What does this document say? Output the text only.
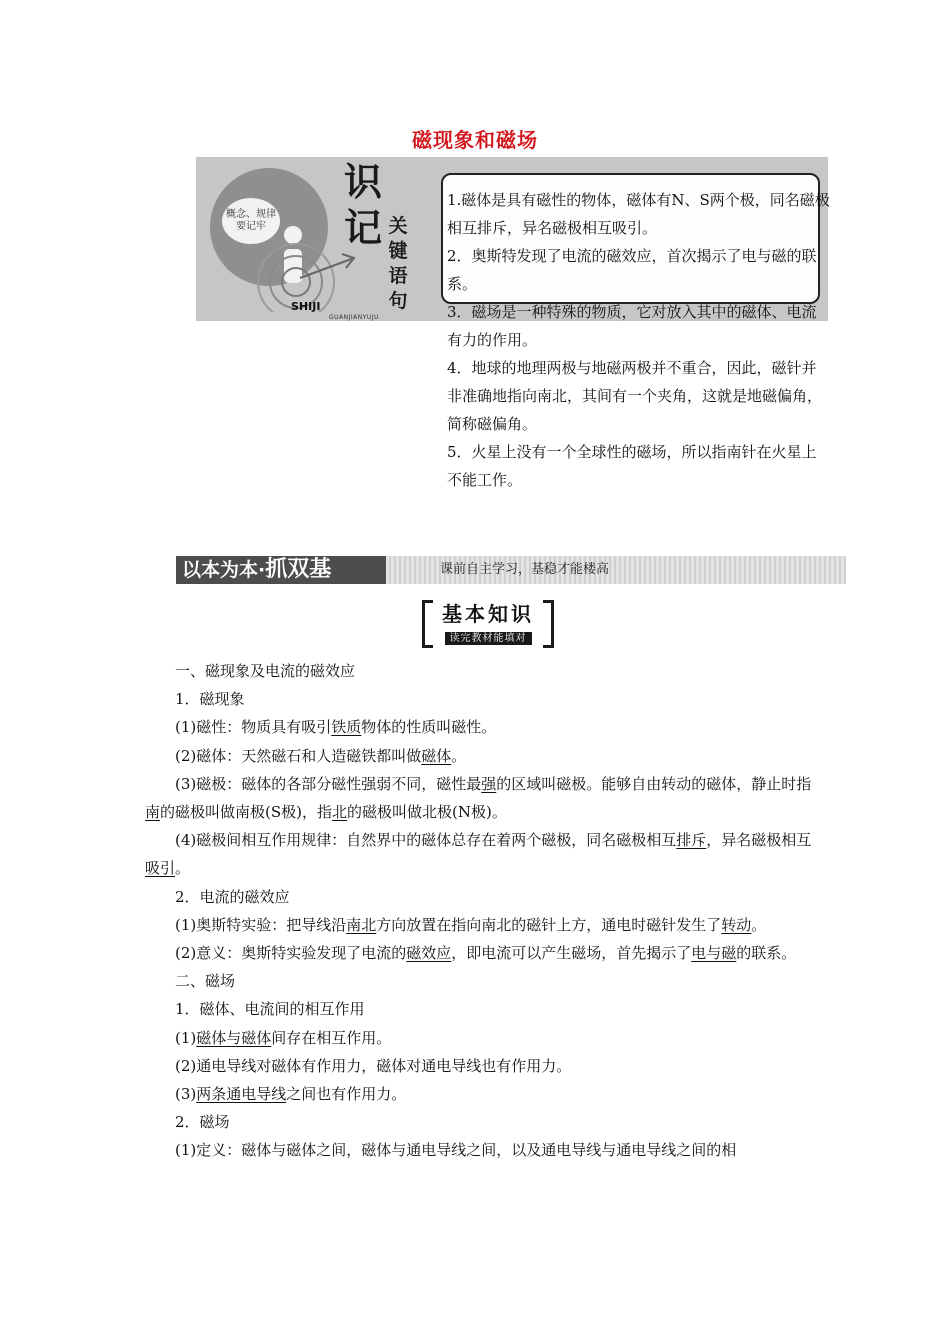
磁现象和磁场
概念、规律
要记牢
SHIJI
GUANJIANYUJU
识
记 关键语句

1.磁体是具有磁性的物体，磁体有N、S两个极，同名磁极相互排斥，异名磁极相互吸引。

2．奥斯特发现了电流的磁效应，首次揭示了电与磁的联系。

3．磁场是一种特殊的物质，它对放入其中的磁体、电流有力的作用。

4．地球的地理两极与地磁两极并不重合，因此，磁针并非准确地指向南北，其间有一个夹角，这就是地磁偏角，简称磁偏角。

5．火星上没有一个全球性的磁场，所以指南针在火星上不能工作。

以本为本·抓双基	课前自主学习，基稳才能楼高
基本知识
读完教材能填对

一、磁现象及电流的磁效应

1．磁现象

(1)磁性：物质具有吸引铁质物体的性质叫磁性。

(2)磁体：天然磁石和人造磁铁都叫做磁体。

(3)磁极：磁体的各部分磁性强弱不同，磁性最强的区域叫磁极。能够自由转动的磁体，静止时指南的磁极叫做南极(S极)，指北的磁极叫做北极(N极)。

(4)磁极间相互作用规律：自然界中的磁体总存在着两个磁极，同名磁极相互排斥，异名磁极相互吸引。

2．电流的磁效应

(1)奥斯特实验：把导线沿南北方向放置在指向南北的磁针上方，通电时磁针发生了转动。

(2)意义：奥斯特实验发现了电流的磁效应，即电流可以产生磁场，首先揭示了电与磁的联系。

二、磁场

1．磁体、电流间的相互作用

(1)磁体与磁体间存在相互作用。

(2)通电导线对磁体有作用力，磁体对通电导线也有作用力。

(3)两条通电导线之间也有作用力。

2．磁场

(1)定义：磁体与磁体之间，磁体与通电导线之间，以及通电导线与通电导线之间的相
